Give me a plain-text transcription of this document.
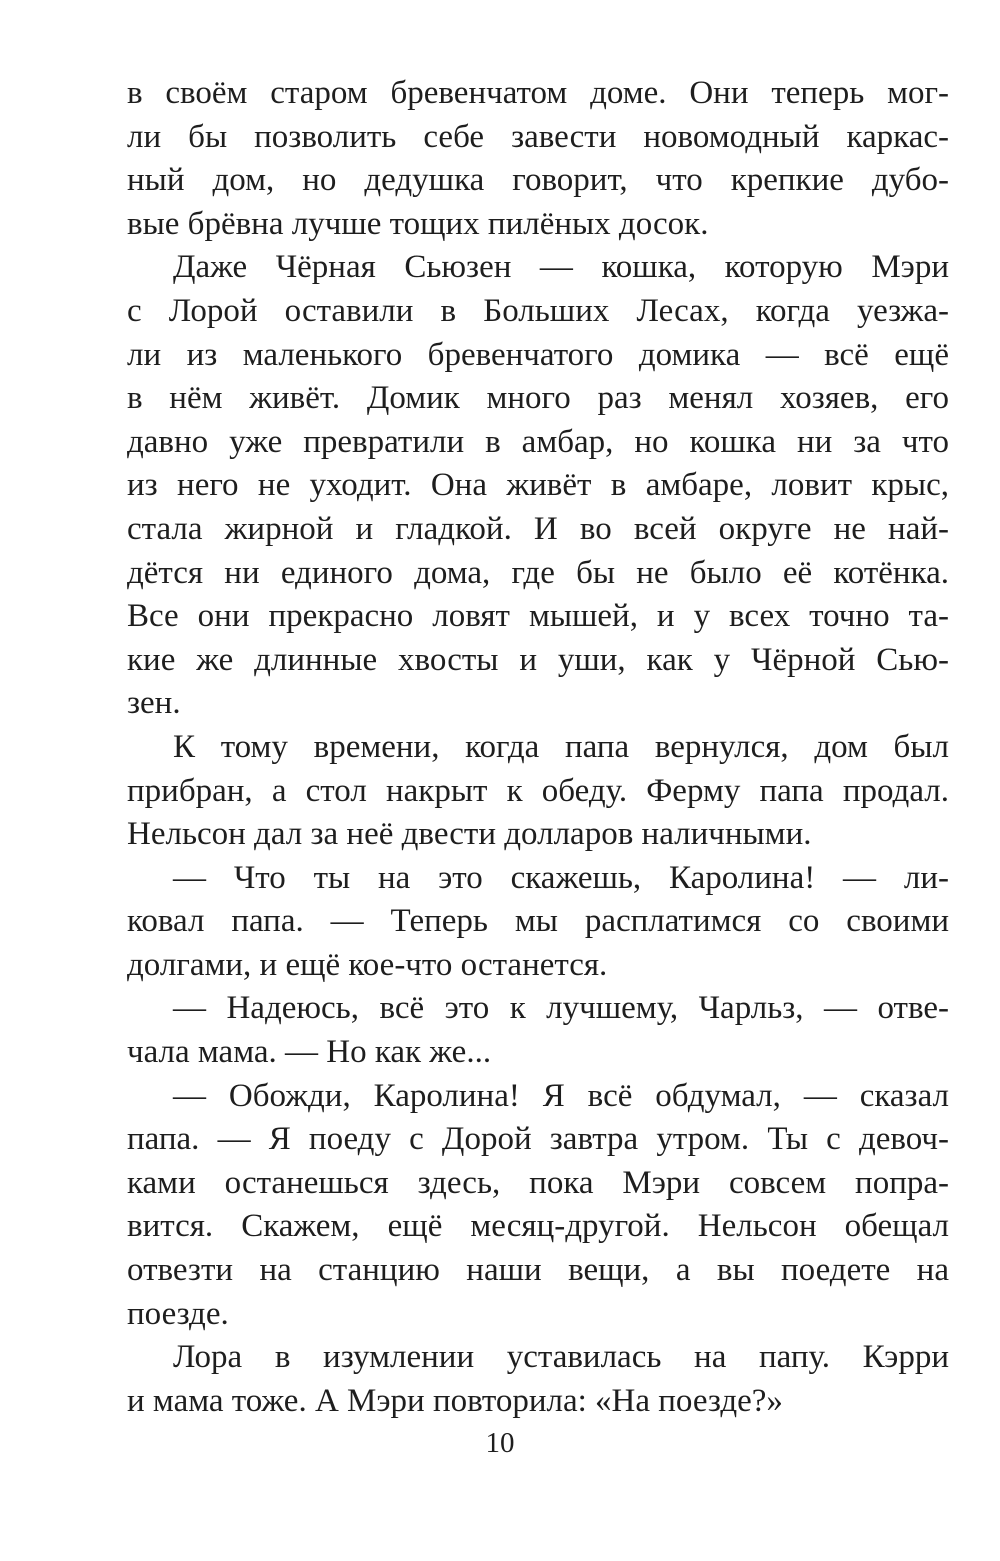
в своём старом бревенчатом доме. Они теперь мог-
ли бы позволить себе завести новомодный каркас-
ный дом, но дедушка говорит, что крепкие дубо-
вые брёвна лучше тощих пилёных досок.
Даже Чёрная Сьюзен — кошка, которую Мэри
с Лорой оставили в Больших Лесах, когда уезжа-
ли из маленького бревенчатого домика — всё ещё
в нём живёт. Домик много раз менял хозяев, его
давно уже превратили в амбар, но кошка ни за что
из него не уходит. Она живёт в амбаре, ловит крыс,
стала жирной и гладкой. И во всей округе не най-
дётся ни единого дома, где бы не было её котёнка.
Все они прекрасно ловят мышей, и у всех точно та-
кие же длинные хвосты и уши, как у Чёрной Сью-
зен.
К тому времени, когда папа вернулся, дом был
прибран, а стол накрыт к обеду. Ферму папа продал.
Нельсон дал за неё двести долларов наличными.
— Что ты на это скажешь, Каролина! — ли-
ковал папа. — Теперь мы расплатимся со своими
долгами, и ещё кое-что останется.
— Надеюсь, всё это к лучшему, Чарльз, — отве-
чала мама. — Но как же...
— Обожди, Каролина! Я всё обдумал, — сказал
папа. — Я поеду с Дорой завтра утром. Ты с девоч-
ками останешься здесь, пока Мэри совсем попра-
вится. Скажем, ещё месяц-другой. Нельсон обещал
отвезти на станцию наши вещи, а вы поедете на
поезде.
Лора в изумлении уставилась на папу. Кэрри
и мама тоже. А Мэри повторила: «На поезде?»
10
